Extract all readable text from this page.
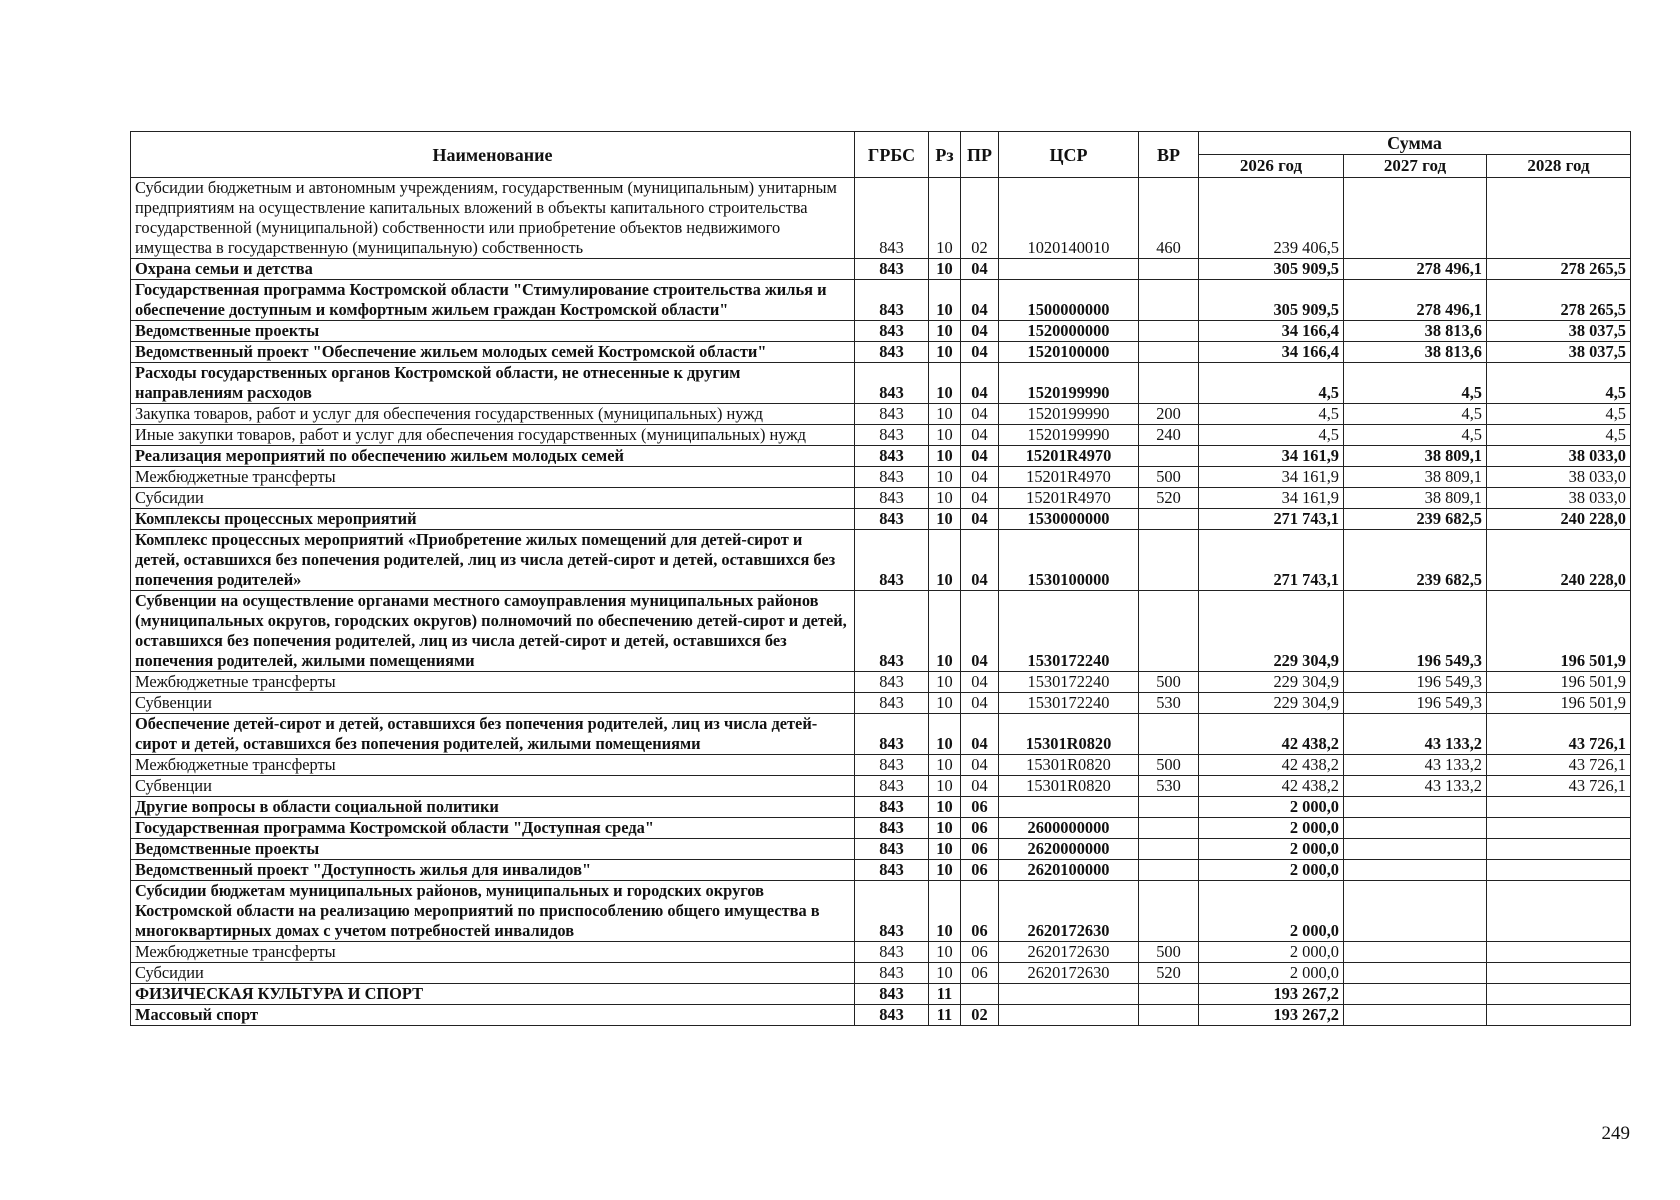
Наименование	ГРБС	Рз	ПР	ЦСР	ВР	Сумма		
						2026 год	2027 год	2028 год
Субсидии бюджетным и автономным учреждениям, государственным (муниципальным) унитарным предприятиям на осуществление капитальных вложений в объекты капитального строительства государственной (муниципальной) собственности или приобретение объектов недвижимого имущества в государственную (муниципальную) собственность	843	10	02	1020140010	460	239 406,5		
Охрана семьи и детства	843	10	04			305 909,5	278 496,1	278 265,5
Государственная программа Костромской области "Стимулирование строительства жилья и обеспечение доступным и комфортным жильем граждан Костромской области"	843	10	04	1500000000		305 909,5	278 496,1	278 265,5
Ведомственные проекты	843	10	04	1520000000		34 166,4	38 813,6	38 037,5
Ведомственный проект "Обеспечение жильем молодых семей Костромской области"	843	10	04	1520100000		34 166,4	38 813,6	38 037,5
Расходы государственных органов Костромской области, не отнесенные к другим направлениям расходов	843	10	04	1520199990		4,5	4,5	4,5
Закупка товаров, работ и услуг для обеспечения государственных (муниципальных) нужд	843	10	04	1520199990	200	4,5	4,5	4,5
Иные закупки товаров, работ и услуг для обеспечения государственных (муниципальных) нужд	843	10	04	1520199990	240	4,5	4,5	4,5
Реализация мероприятий по обеспечению жильем молодых семей	843	10	04	15201R4970		34 161,9	38 809,1	38 033,0
Межбюджетные трансферты	843	10	04	15201R4970	500	34 161,9	38 809,1	38 033,0
Субсидии	843	10	04	15201R4970	520	34 161,9	38 809,1	38 033,0
Комплексы процессных мероприятий	843	10	04	1530000000		271 743,1	239 682,5	240 228,0
Комплекс процессных мероприятий «Приобретение жилых помещений для детей-сирот и детей, оставшихся без попечения родителей, лиц из числа детей-сирот и детей, оставшихся без попечения родителей»	843	10	04	1530100000		271 743,1	239 682,5	240 228,0
Субвенции на осуществление органами местного самоуправления муниципальных районов (муниципальных округов, городских округов) полномочий по обеспечению детей-сирот и детей, оставшихся без попечения родителей, лиц из числа детей-сирот и детей, оставшихся без попечения родителей, жилыми помещениями	843	10	04	1530172240		229 304,9	196 549,3	196 501,9
Межбюджетные трансферты	843	10	04	1530172240	500	229 304,9	196 549,3	196 501,9
Субвенции	843	10	04	1530172240	530	229 304,9	196 549,3	196 501,9
Обеспечение детей-сирот и детей, оставшихся без попечения родителей, лиц из числа детей-сирот и детей, оставшихся без попечения родителей, жилыми помещениями	843	10	04	15301R0820		42 438,2	43 133,2	43 726,1
Межбюджетные трансферты	843	10	04	15301R0820	500	42 438,2	43 133,2	43 726,1
Субвенции	843	10	04	15301R0820	530	42 438,2	43 133,2	43 726,1
Другие вопросы в области социальной политики	843	10	06			2 000,0		
Государственная программа Костромской области "Доступная среда"	843	10	06	2600000000		2 000,0		
Ведомственные проекты	843	10	06	2620000000		2 000,0		
Ведомственный проект "Доступность жилья для инвалидов"	843	10	06	2620100000		2 000,0		
Субсидии бюджетам муниципальных районов, муниципальных и городских округов Костромской области на реализацию мероприятий по приспособлению общего имущества в многоквартирных домах с учетом потребностей инвалидов	843	10	06	2620172630		2 000,0		
Межбюджетные трансферты	843	10	06	2620172630	500	2 000,0		
Субсидии	843	10	06	2620172630	520	2 000,0		
ФИЗИЧЕСКАЯ КУЛЬТУРА И СПОРТ	843	11				193 267,2		
Массовый спорт	843	11	02			193 267,2		
249
